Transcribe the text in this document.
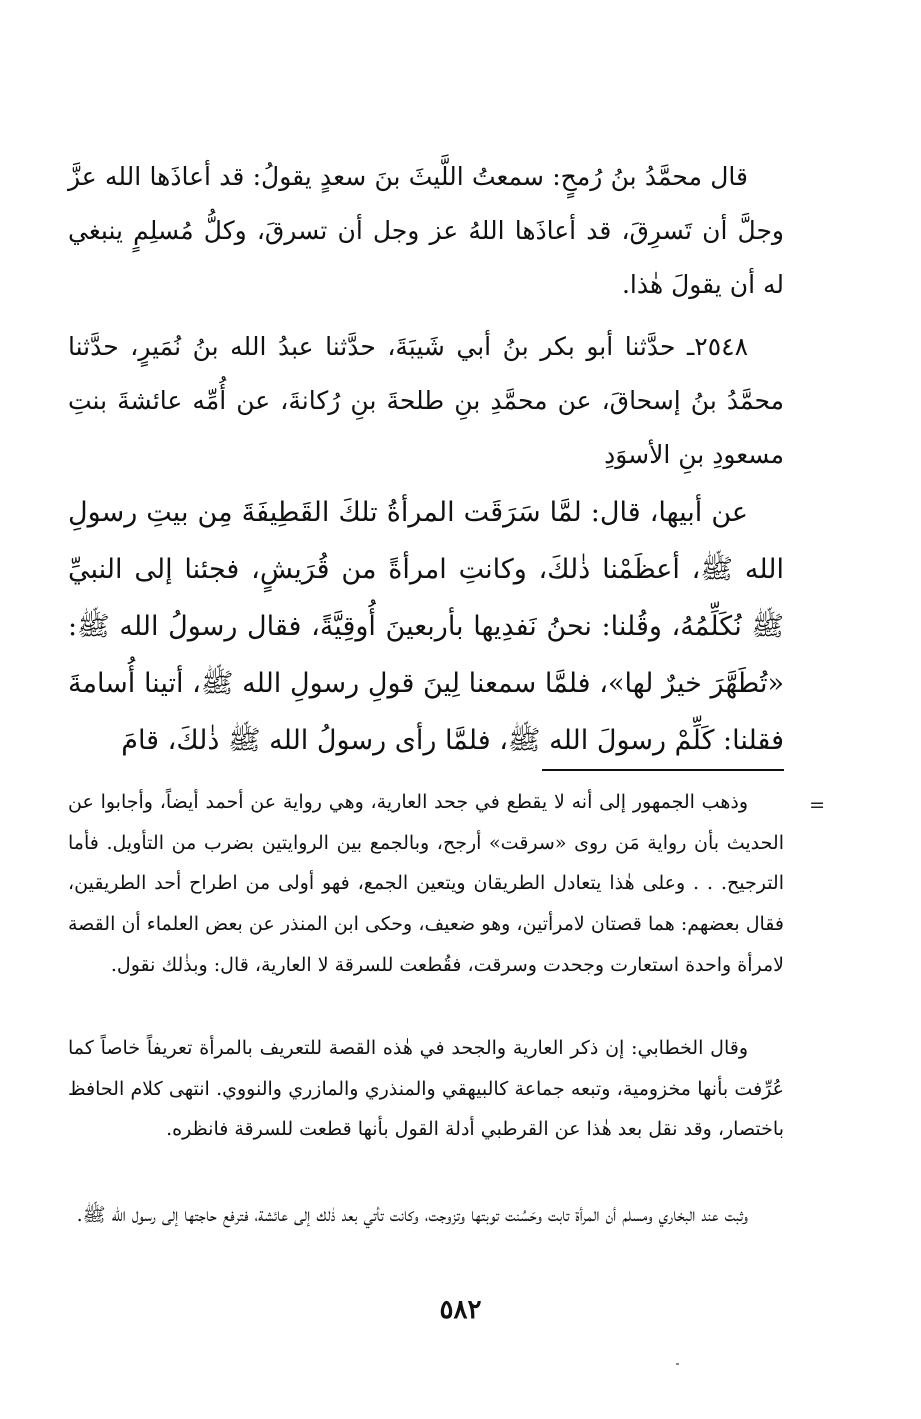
قال محمَّدُ بنُ رُمحٍ: سمعتُ اللَّيثَ بنَ سعدٍ يقولُ: قد أعاذَها الله عزَّ وجلَّ أن تَسرِقَ، قد أعاذَها اللهُ عز وجل أن تسرقَ، وكلُّ مُسلِمٍ ينبغي له أن يقولَ هٰذا.

٢٥٤٨ـ حدَّثنا أبو بكر بنُ أبي شَيبَةَ، حدَّثنا عبدُ الله بنُ نُمَيرٍ، حدَّثنا محمَّدُ بنُ إسحاقَ، عن محمَّدِ بنِ طلحةَ بنِ رُكانةَ، عن أُمِّه عائشةَ بنتِ مسعودِ بنِ الأسوَدِ

عن أبيها، قال: لمَّا سَرَقَت المرأةُ تلكَ القَطِيفَةَ مِن بيتِ رسولِ الله ﷺ، أعظَمْنا ذٰلكَ، وكانتِ امرأةً من قُرَيشٍ، فجئنا إلى النبيِّ ﷺ نُكَلِّمُهُ، وقُلنا: نحنُ نَفدِيها بأربعينَ أُوقِيَّةً، فقال رسولُ الله ﷺ: «تُطَهَّرَ خيرٌ لها»، فلمَّا سمعنا لِينَ قولِ رسولِ الله ﷺ، أتينا أُسامةَ فقلنا: كَلِّمْ رسولَ الله ﷺ، فلمَّا رأى رسولُ الله ﷺ ذٰلكَ، قامَ

=

وذهب الجمهور إلى أنه لا يقطع في جحد العارية، وهي رواية عن أحمد أيضاً، وأجابوا عن الحديث بأن رواية مَن روى «سرقت» أرجح، وبالجمع بين الروايتين بضرب من التأويل. فأما الترجيح. . . وعلى هٰذا يتعادل الطريقان ويتعين الجمع، فهو أولى من اطراح أحد الطريقين، فقال بعضهم: هما قصتان لامرأتين، وهو ضعيف، وحكى ابن المنذر عن بعض العلماء أن القصة لامرأة واحدة استعارت وجحدت وسرقت، فقُطعت للسرقة لا العارية، قال: وبذٰلك نقول.

وقال الخطابي: إن ذكر العارية والجحد في هٰذه القصة للتعريف بالمرأة تعريفاً خاصاً كما عُرِّفت بأنها مخزومية، وتبعه جماعة كالبيهقي والمنذري والمازري والنووي. انتهى كلام الحافظ باختصار، وقد نقل بعد هٰذا عن القرطبي أدلة القول بأنها قطعت للسرقة فانظره.

وثبت عند البخاري ومسلم أن المرأة تابت وحَسُنت توبتها وتزوجت، وكانت تأتي بعد ذٰلك إلى عائشة، فترفع حاجتها إلى رسول الله ﷺ.

٥٨٢
